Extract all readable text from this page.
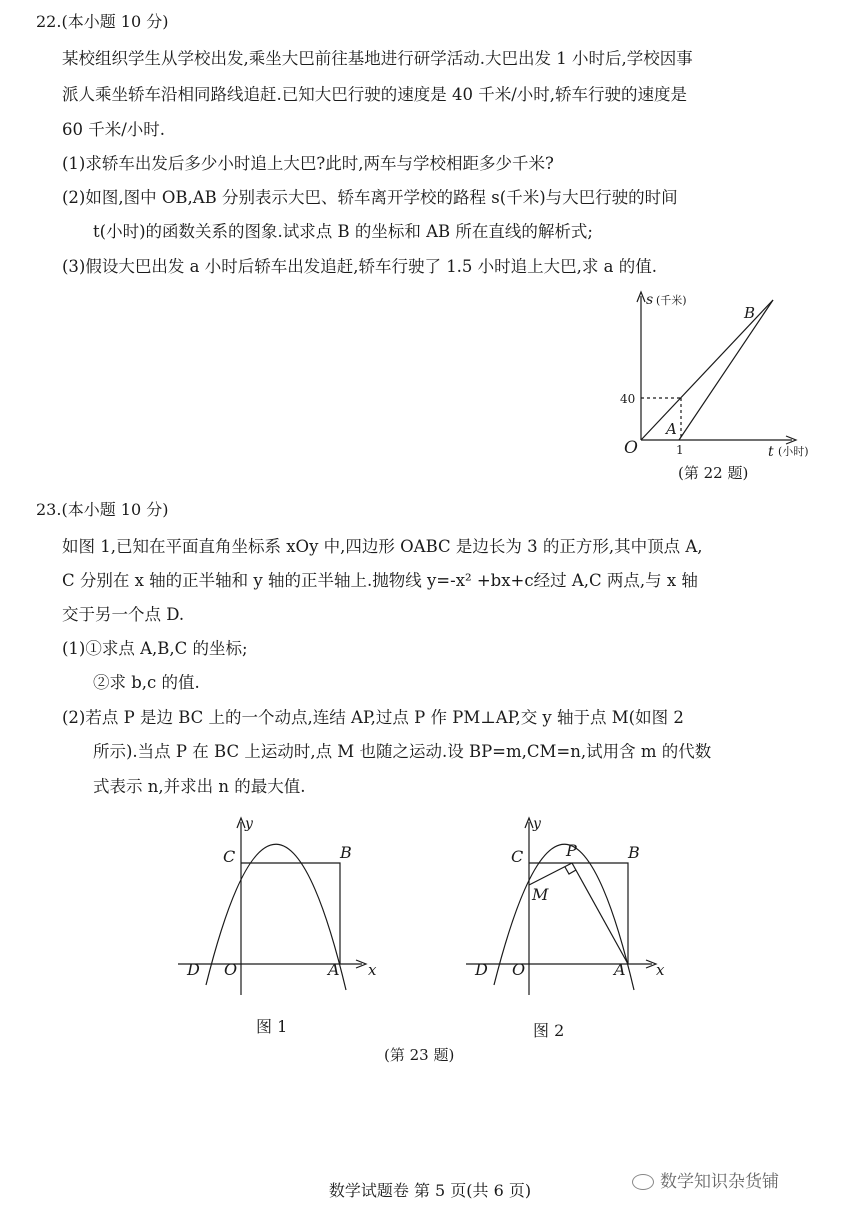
22.(本小题 10 分)
某校组织学生从学校出发,乘坐大巴前往基地进行研学活动.大巴出发 1 小时后,学校因事
派人乘坐轿车沿相同路线追赶.已知大巴行驶的速度是 40 千米/小时,轿车行驶的速度是
60 千米/小时.
(1)求轿车出发后多少小时追上大巴?此时,两车与学校相距多少千米?
(2)如图,图中 OB,AB 分别表示大巴、轿车离开学校的路程 s(千米)与大巴行驶的时间
t(小时)的函数关系的图象.试求点 B 的坐标和 AB 所在直线的解析式;
(3)假设大巴出发 a 小时后轿车出发追赶,轿车行驶了 1.5 小时追上大巴,求 a 的值.
s (千米)
t (小时)
O
A
B
40
1
(第 22 题)
23.(本小题 10 分)
如图 1,已知在平面直角坐标系 xOy 中,四边形 OABC 是边长为 3 的正方形,其中顶点 A,
C 分别在 x 轴的正半轴和 y 轴的正半轴上.抛物线 y=-x² +bx+c经过 A,C 两点,与 x 轴
交于另一个点 D.
(1)①求点 A,B,C 的坐标;
②求 b,c 的值.
(2)若点 P 是边 BC 上的一个动点,连结 AP,过点 P 作 PM⊥AP,交 y 轴于点 M(如图 2
所示).当点 P 在 BC 上运动时,点 M 也随之运动.设 BP=m,CM=n,试用含 m 的代数
式表示 n,并求出 n 的最大值.
y
x
C	B
D O	A
图 1
y
x
C	B
P
M
D O	A
图 2
(第 23 题)
数学试题卷 第 5 页(共 6 页)	数学知识杂货铺
